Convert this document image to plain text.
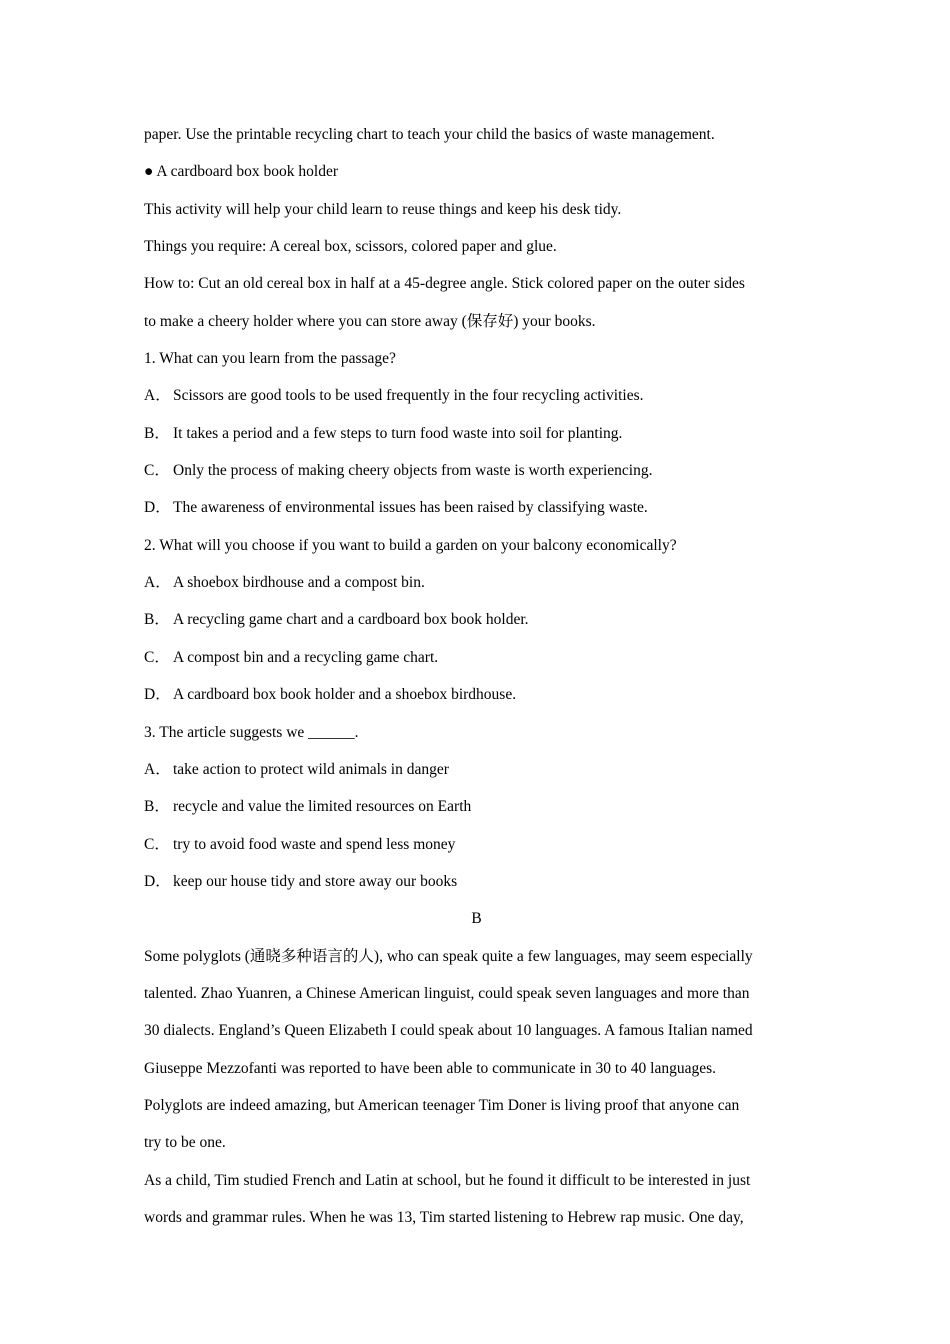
paper. Use the printable recycling chart to teach your child the basics of waste management.
● A cardboard box book holder
This activity will help your child learn to reuse things and keep his desk tidy.
Things you require: A cereal box, scissors, colored paper and glue.
How to: Cut an old cereal box in half at a 45-degree angle. Stick colored paper on the outer sides
to make a cheery holder where you can store away (保存好) your books.
1. What can you learn from the passage?
A． Scissors are good tools to be used frequently in the four recycling activities.
B． It takes a period and a few steps to turn food waste into soil for planting.
C． Only the process of making cheery objects from waste is worth experiencing.
D． The awareness of environmental issues has been raised by classifying waste.
2. What will you choose if you want to build a garden on your balcony economically?
A． A shoebox birdhouse and a compost bin.
B． A recycling game chart and a cardboard box book holder.
C． A compost bin and a recycling game chart.
D． A cardboard box book holder and a shoebox birdhouse.
3. The article suggests we ______.
A． take action to protect wild animals in danger
B． recycle and value the limited resources on Earth
C． try to avoid food waste and spend less money
D． keep our house tidy and store away our books
B
Some polyglots (通晓多种语言的人), who can speak quite a few languages, may seem especially
talented. Zhao Yuanren, a Chinese American linguist, could speak seven languages and more than
30 dialects. England’s Queen Elizabeth I could speak about 10 languages. A famous Italian named
Giuseppe Mezzofanti was reported to have been able to communicate in 30 to 40 languages.
Polyglots are indeed amazing, but American teenager Tim Doner is living proof that anyone can
try to be one.
As a child, Tim studied French and Latin at school, but he found it difficult to be interested in just
words and grammar rules. When he was 13, Tim started listening to Hebrew rap music. One day,
